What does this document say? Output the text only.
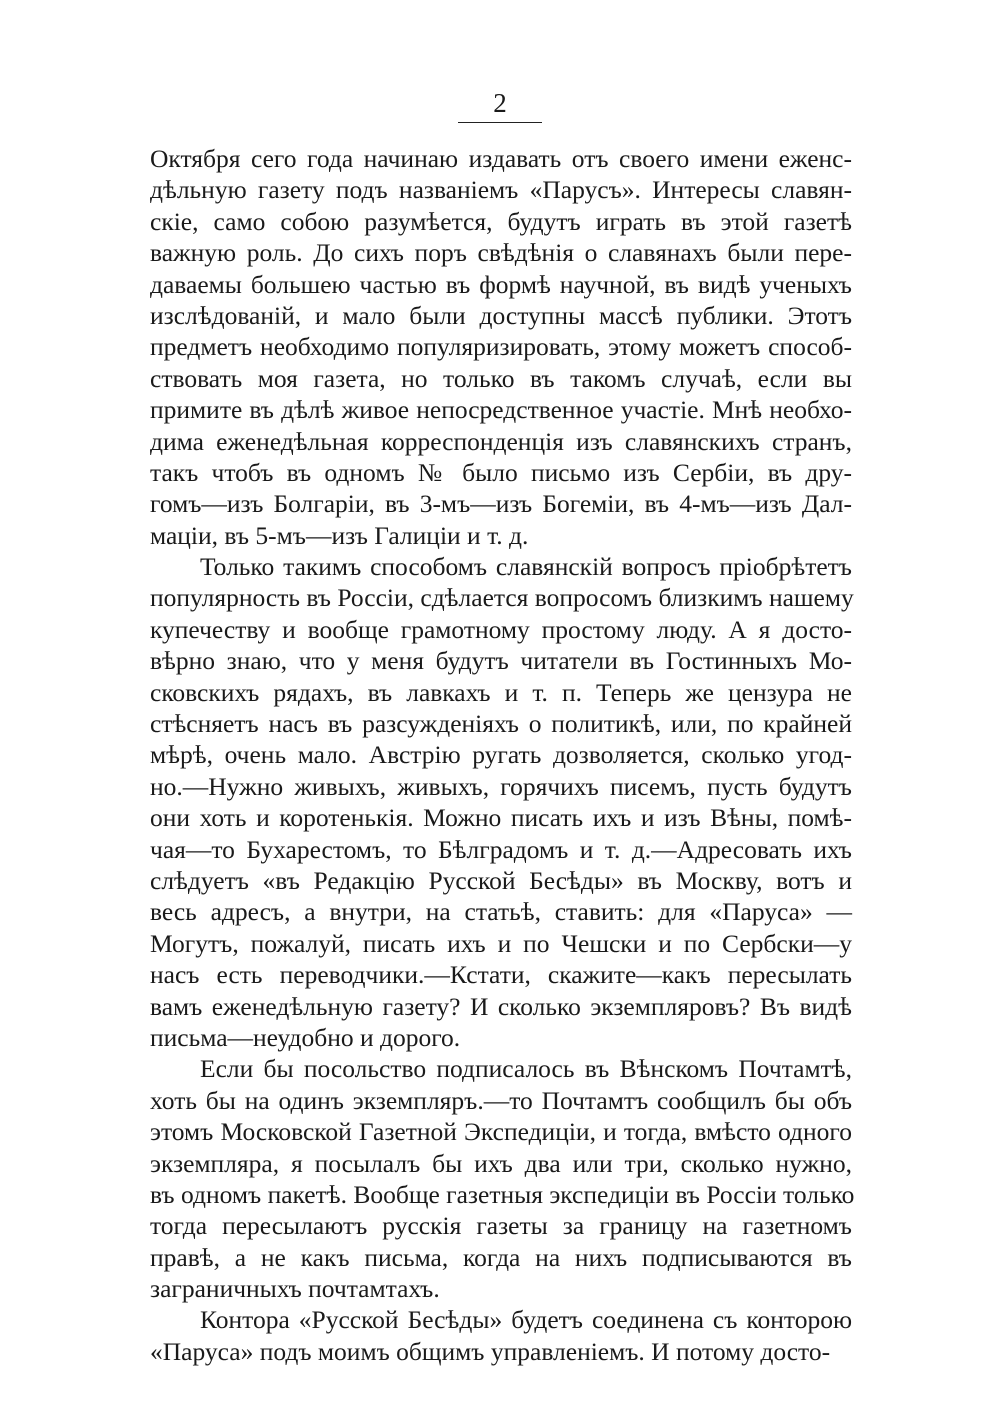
2
Октября сего года начинаю издавать отъ своего имени еженс-
дѣльную газету подъ названіемъ «Парусъ». Интересы славян-
скіе, само собою разумѣется, будутъ играть въ этой газетѣ
важную роль. До сихъ поръ свѣдѣнія о славянахъ были пере-
даваемы большею частью въ формѣ научной, въ видѣ ученыхъ
изслѣдованій, и мало были доступны массѣ публики. Этотъ
предметъ необходимо популяризировать, этому можетъ способ-
ствовать моя газета, но только въ такомъ случаѣ, если вы
примите въ дѣлѣ живое непосредственное участіе. Мнѣ необхо-
дима еженедѣльная корреспонденція изъ славянскихъ странъ,
такъ чтобъ въ одномъ № было письмо изъ Сербіи, въ дру-
гомъ—изъ Болгаріи, въ 3-мъ—изъ Богеміи, въ 4-мъ—изъ Дал-
маціи, въ 5-мъ—изъ Галиціи и т. д.
Только такимъ способомъ славянскій вопросъ пріобрѣтетъ
популярность въ Россіи, сдѣлается вопросомъ близкимъ нашему
купечеству и вообще грамотному простому люду. А я досто-
вѣрно знаю, что у меня будутъ читатели въ Гостинныхъ Мо-
сковскихъ рядахъ, въ лавкахъ и т. п. Теперь же цензура не
стѣсняетъ насъ въ разсужденіяхъ о политикѣ, или, по крайней
мѣрѣ, очень мало. Австрію ругать дозволяется, сколько угод-
но.—Нужно живыхъ, живыхъ, горячихъ писемъ, пусть будутъ
они хоть и коротенькія. Можно писать ихъ и изъ Вѣны, помѣ-
чая—то Бухарестомъ, то Бѣлградомъ и т. д.—Адресовать ихъ
слѣдуетъ «въ Редакцію Русской Бесѣды» въ Москву, вотъ и
весь адресъ, а внутри, на статьѣ, ставить: для «Паруса» —
Могутъ, пожалуй, писать ихъ и по Чешски и по Сербски—у
насъ есть переводчики.—Кстати, скажите—какъ пересылать
вамъ еженедѣльную газету? И сколько экземпляровъ? Въ видѣ
письма—неудобно и дорого.
Если бы посольство подписалось въ Вѣнскомъ Почтамтѣ,
хоть бы на одинъ экземпляръ.—то Почтамтъ сообщилъ бы объ
этомъ Московской Газетной Экспедиціи, и тогда, вмѣсто одного
экземпляра, я посылалъ бы ихъ два или три, сколько нужно,
въ одномъ пакетѣ. Вообще газетныя экспедиціи въ Россіи только
тогда пересылаютъ русскія газеты за границу на газетномъ
правѣ, а не какъ письма, когда на нихъ подписываются въ
заграничныхъ почтамтахъ.
Контора «Русской Бесѣды» будетъ соединена съ конторою
«Паруса» подъ моимъ общимъ управленіемъ. И потому досто-
